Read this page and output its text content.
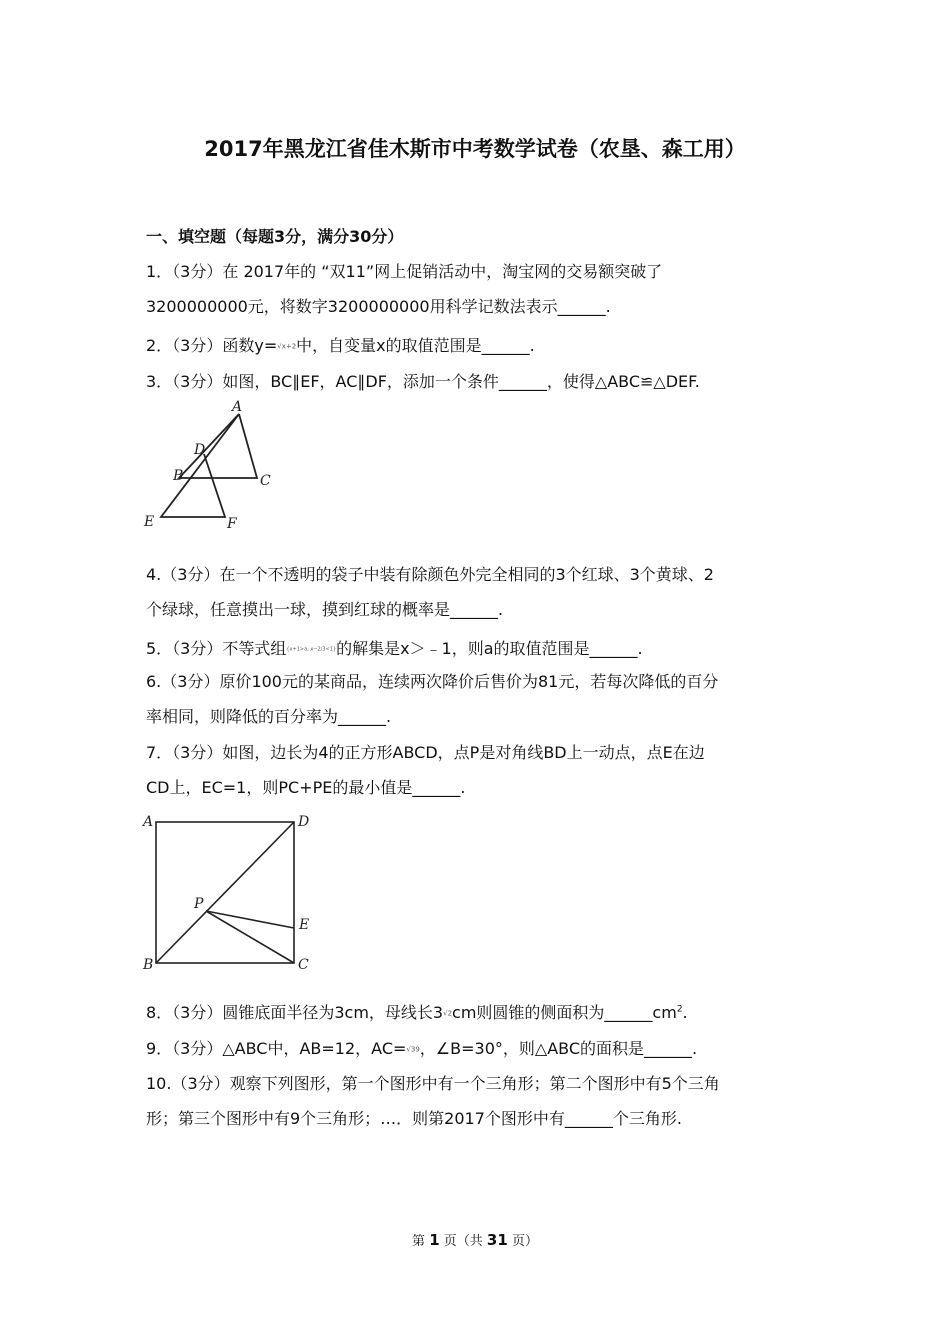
2017年黑龙江省佳木斯市中考数学试卷（农垦、森工用）
一、填空题（每题3分，满分30分）
1．（3分）在 2017年的 “双11”网上促销活动中，淘宝网的交易额突破了
3200000000元，将数字3200000000用科学记数法表示______.
2．（3分）函数y=√x+2中，自变量x的取值范围是______.
3．（3分）如图，BC∥EF，AC∥DF，添加一个条件______，使得△ABC≌△DEF.
A
D
B	C
E	F
4.（3分）在一个不透明的袋子中装有除颜色外完全相同的3个红球、3个黄球、2
个绿球，任意摸出一球，摸到红球的概率是______.
5．（3分）不等式组{x+1>a, x−2/3<1}的解集是x＞﹣1，则a的取值范围是______.
6.（3分）原价100元的某商品，连续两次降价后售价为81元，若每次降低的百分
率相同，则降低的百分率为______.
7．（3分）如图，边长为4的正方形ABCD，点P是对角线BD上一动点，点E在边
CD上，EC=1，则PC+PE的最小值是______.
A	D
P
E
B	C
8．（3分）圆锥底面半径为3cm，母线长3√2cm则圆锥的侧面积为$\_\_\_\_\_\_cm^2$.
9．（3分）△ABC中，AB=12，AC=√39，∠B=30°，则△ABC的面积是______.
10.（3分）观察下列图形，第一个图形中有一个三角形；第二个图形中有5个三角
形；第三个图形中有9个三角形；…．则第2017个图形中有______个三角形.
第 1 页（共 31 页）
